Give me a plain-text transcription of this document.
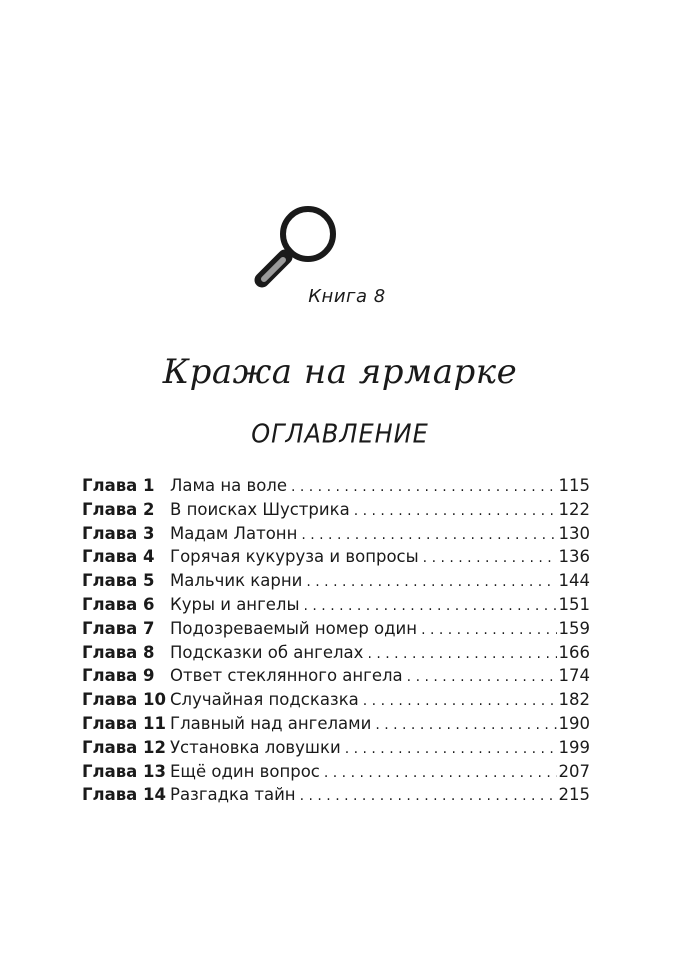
Книга 8
Кража на ярмарке
ОГЛАВЛЕНИЕ
Глава 1 Лама на воле . . .	115
Глава 2 В поисках Шустрика . . .	122
Глава 3 Мадам Латонн . . .	130
Глава 4 Горячая кукуруза и вопросы . . .	136
Глава 5 Мальчик карни . . .	144
Глава 6 Куры и ангелы . . .	151
Глава 7 Подозреваемый номер один . . .	159
Глава 8 Подсказки об ангелах . . .	166
Глава 9 Ответ стеклянного ангела . . .	174
Глава 10 Случайная подсказка . . .	182
Глава 11 Главный над ангелами . . .	190
Глава 12 Установка ловушки . . .	199
Глава 13 Ещё один вопрос . . .	207
Глава 14 Разгадка тайн . . .	215
